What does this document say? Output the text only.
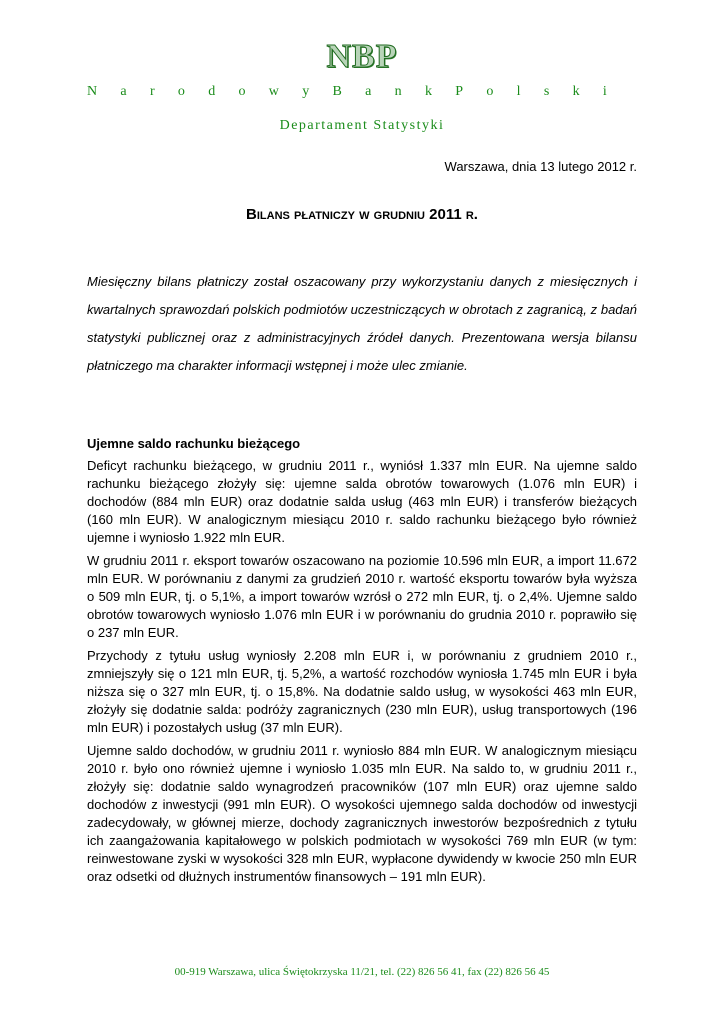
NBP
N a r o d o w y B a n k P o l s k i
Departament Statystyki
Warszawa, dnia 13 lutego 2012 r.
Bilans płatniczy w grudniu 2011 r.

Miesięczny bilans płatniczy został oszacowany przy wykorzystaniu danych z miesięcznych i kwartalnych sprawozdań polskich podmiotów uczestniczących w obrotach z zagranicą, z badań statystyki publicznej oraz z administracyjnych źródeł danych. Prezentowana wersja bilansu płatniczego ma charakter informacji wstępnej i może ulec zmianie.

Ujemne saldo rachunku bieżącego

Deficyt rachunku bieżącego, w grudniu 2011 r., wyniósł 1.337 mln EUR. Na ujemne saldo rachunku bieżącego złożyły się: ujemne salda obrotów towarowych (1.076 mln EUR) i dochodów (884 mln EUR) oraz dodatnie salda usług (463 mln EUR) i transferów bieżących (160 mln EUR). W analogicznym miesiącu 2010 r. saldo rachunku bieżącego było również ujemne i wyniosło 1.922 mln EUR.

W grudniu 2011 r. eksport towarów oszacowano na poziomie 10.596 mln EUR, a import 11.672 mln EUR. W porównaniu z danymi za grudzień 2010 r. wartość eksportu towarów była wyższa o 509 mln EUR, tj. o 5,1%, a import towarów wzrósł o 272 mln EUR, tj. o 2,4%. Ujemne saldo obrotów towarowych wyniosło 1.076 mln EUR i w porównaniu do grudnia 2010 r. poprawiło się o 237 mln EUR.

Przychody z tytułu usług wyniosły 2.208 mln EUR i, w porównaniu z grudniem 2010 r., zmniejszyły się o 121 mln EUR, tj. 5,2%, a wartość rozchodów wyniosła 1.745 mln EUR i była niższa się o 327 mln EUR, tj. o 15,8%. Na dodatnie saldo usług, w wysokości 463 mln EUR, złożyły się dodatnie salda: podróży zagranicznych (230 mln EUR), usług transportowych (196 mln EUR) i pozostałych usług (37 mln EUR).

Ujemne saldo dochodów, w grudniu 2011 r. wyniosło 884 mln EUR. W analogicznym miesiącu 2010 r. było ono również ujemne i wyniosło 1.035 mln EUR. Na saldo to, w grudniu 2011 r., złożyły się: dodatnie saldo wynagrodzeń pracowników (107 mln EUR) oraz ujemne saldo dochodów z inwestycji (991 mln EUR). O wysokości ujemnego salda dochodów od inwestycji zadecydowały, w głównej mierze, dochody zagranicznych inwestorów bezpośrednich z tytułu ich zaangażowania kapitałowego w polskich podmiotach w wysokości 769 mln EUR (w tym: reinwestowane zyski w wysokości 328 mln EUR, wypłacone dywidendy w kwocie 250 mln EUR oraz odsetki od dłużnych instrumentów finansowych – 191 mln EUR).

00-919 Warszawa, ulica Świętokrzyska 11/21, tel. (22) 826 56 41, fax (22) 826 56 45
